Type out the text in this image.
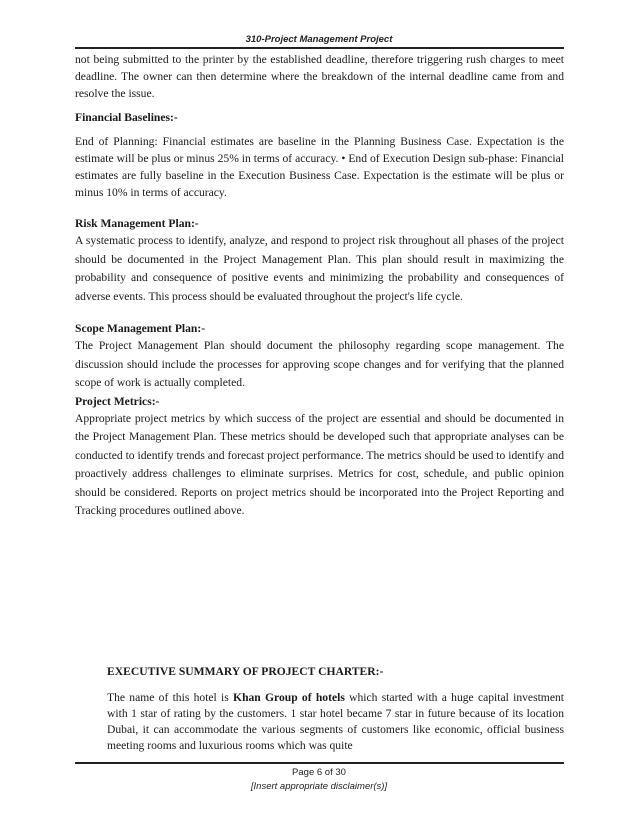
310-Project Management Project

not being submitted to the printer by the established deadline, therefore triggering rush charges to meet deadline. The owner can then determine where the breakdown of the internal deadline came from and resolve the issue.

Financial Baselines:-

End of Planning: Financial estimates are baseline in the Planning Business Case. Expectation is the estimate will be plus or minus 25% in terms of accuracy. • End of Execution Design sub-phase: Financial estimates are fully baseline in the Execution Business Case. Expectation is the estimate will be plus or minus 10% in terms of accuracy.

Risk Management Plan:-

A systematic process to identify, analyze, and respond to project risk throughout all phases of the project should be documented in the Project Management Plan. This plan should result in maximizing the probability and consequence of positive events and minimizing the probability and consequences of adverse events. This process should be evaluated throughout the project's life cycle.

Scope Management Plan:-

The Project Management Plan should document the philosophy regarding scope management. The discussion should include the processes for approving scope changes and for verifying that the planned scope of work is actually completed.

Project Metrics:-

Appropriate project metrics by which success of the project are essential and should be documented in the Project Management Plan. These metrics should be developed such that appropriate analyses can be conducted to identify trends and forecast project performance. The metrics should be used to identify and proactively address challenges to eliminate surprises. Metrics for cost, schedule, and public opinion should be considered. Reports on project metrics should be incorporated into the Project Reporting and Tracking procedures outlined above.

EXECUTIVE SUMMARY OF PROJECT CHARTER:-

The name of this hotel is Khan Group of hotels which started with a huge capital investment with 1 star of rating by the customers. 1 star hotel became 7 star in future because of its location Dubai, it can accommodate the various segments of customers like economic, official business meeting rooms and luxurious rooms which was quite

Page 6 of 30
[Insert appropriate disclaimer(s)]
